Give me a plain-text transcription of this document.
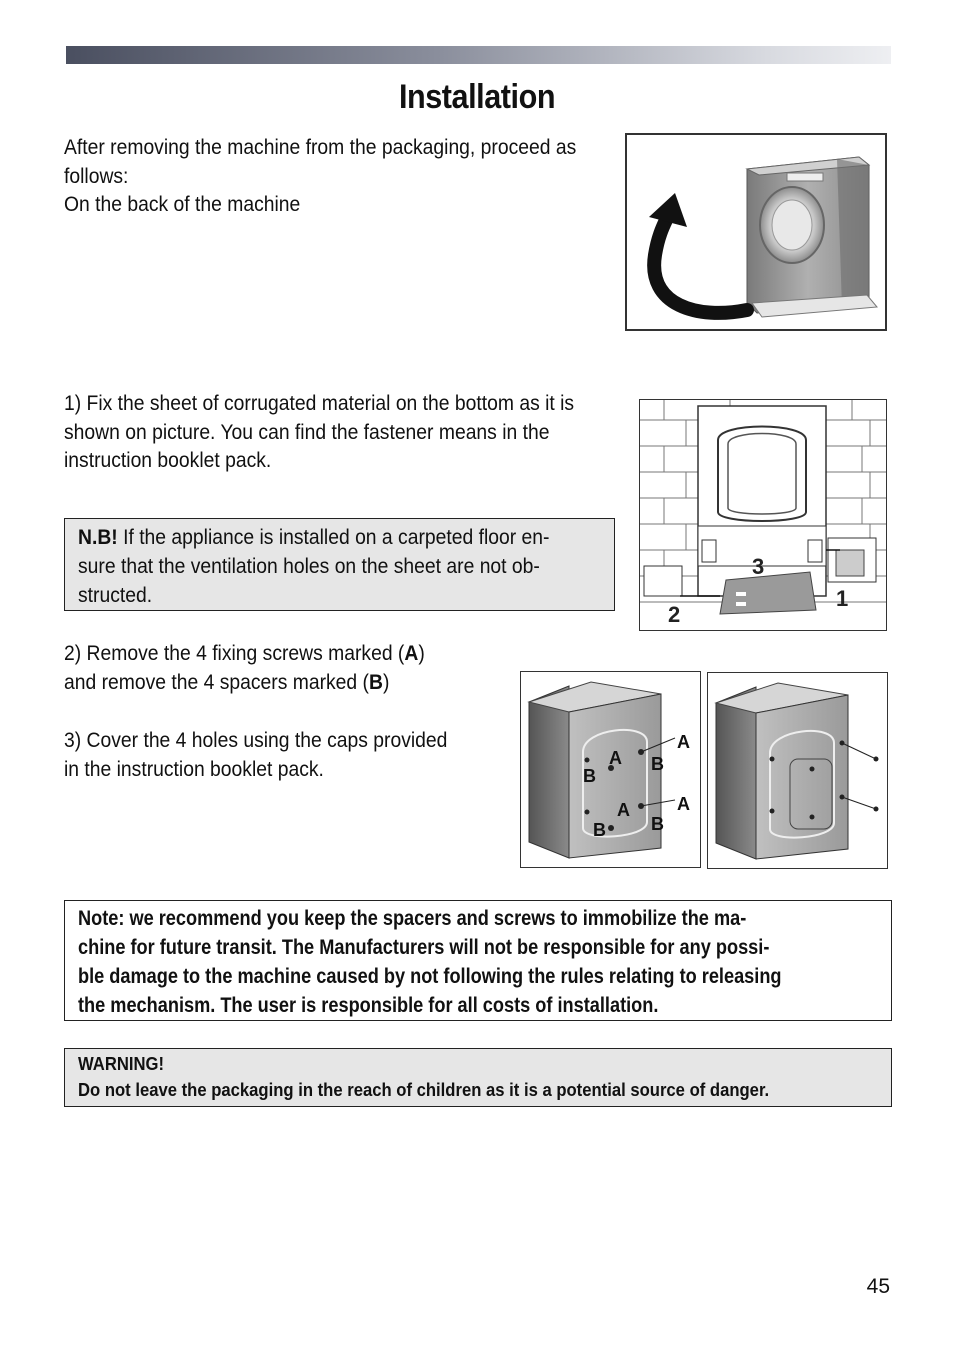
Installation
After removing the machine from the packaging, proceed as
follows:
On the back of the machine
1) Fix the sheet of corrugated material on the bottom as it is
shown on picture. You can find the fastener means in the
instruction booklet pack.
1
2
3
N.B! If the appliance is installed on a carpeted floor en-
sure that the ventilation holes on the sheet are not ob-
structed.
2) Remove the 4 fixing screws marked (A)
and remove the 4 spacers marked (B)
3) Cover the 4 holes using the caps provided
in the instruction booklet pack.	A
A
A	A
B
B
B	B
Note: we recommend you keep the spacers and screws to immobilize the ma-
chine for future transit. The Manufacturers will not be responsible for any possi-
ble damage to the machine caused by not following the rules relating to releasing
the mechanism. The user is responsible for all costs of installation.
WARNING!
Do not leave the packaging in the reach of children as it is a potential source of danger.
45
